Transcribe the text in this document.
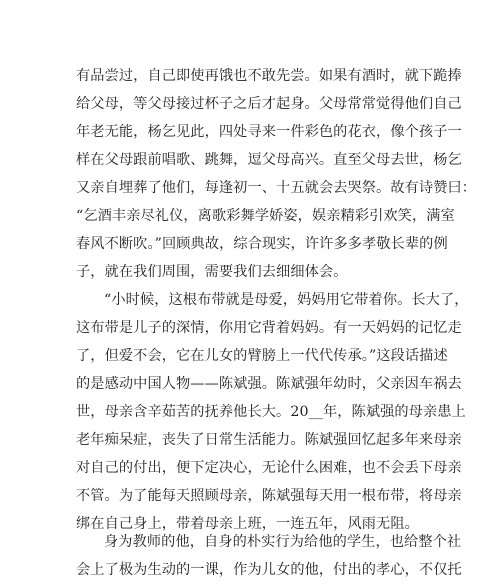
有品尝过，自己即使再饿也不敢先尝。如果有酒时，就下跪捧
给父母，等父母接过杯子之后才起身。父母常常觉得他们自己
年老无能，杨乞见此，四处寻来一件彩色的花衣，像个孩子一
样在父母跟前唱歌、跳舞，逗父母高兴。直至父母去世，杨乞
又亲自埋葬了他们，每逢初一、十五就会去哭祭。故有诗赞曰：
“乞酒丰亲尽礼仪，离歌彩舞学娇姿，娱亲精彩引欢笑，满室
春风不断吹。”回顾典故，综合现实，许许多多孝敬长辈的例
子，就在我们周围，需要我们去细细体会。
“小时候，这根布带就是母爱，妈妈用它带着你。长大了，
这布带是儿子的深情，你用它背着妈妈。有一天妈妈的记忆走
了，但爱不会，它在儿女的臂膀上一代代传承。”这段话描述
的是感动中国人物——陈斌强。陈斌强年幼时，父亲因车祸去
世，母亲含辛茹苦的抚养他长大。20__年，陈斌强的母亲患上
老年痴呆症，丧失了日常生活能力。陈斌强回忆起多年来母亲
对自己的付出，便下定决心，无论什么困难，也不会丢下母亲
不管。为了能每天照顾母亲，陈斌强每天用一根布带，将母亲
绑在自己身上，带着母亲上班，一连五年，风雨无阻。
身为教师的他，自身的朴实行为给他的学生，也给整个社
会上了极为生动的一课，作为儿女的他，付出的孝心，不仅托
